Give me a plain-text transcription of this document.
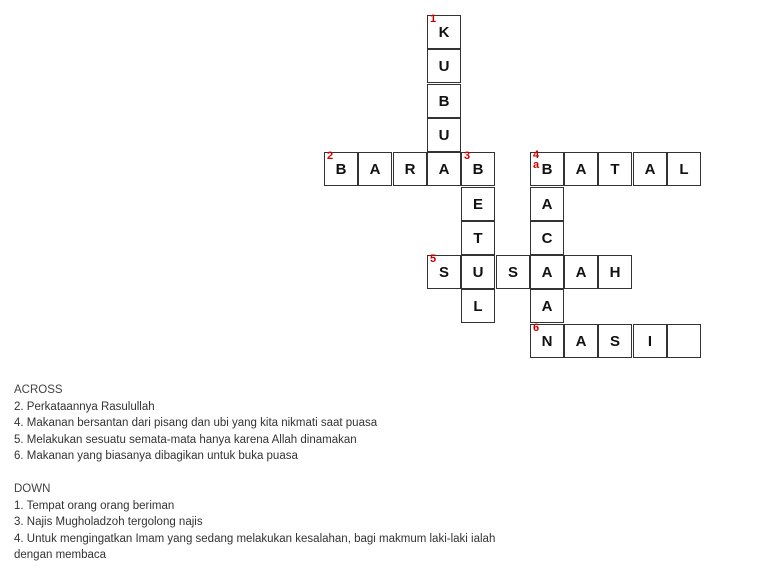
K
1
U
B
U
B
2
A	R	A	B
3
E
T
U
L
B
4a	A	T	A	L
A
C
A
A
N
6
S
5
S	A	H
A	S	I
ACROSS
2. Perkataannya Rasulullah
4. Makanan bersantan dari pisang dan ubi yang kita nikmati saat puasa
5. Melakukan sesuatu semata-mata hanya karena Allah dinamakan
6. Makanan yang biasanya dibagikan untuk buka puasa
DOWN
1. Tempat orang orang beriman
3. Najis Mugholadzoh tergolong najis
4. Untuk mengingatkan Imam yang sedang melakukan kesalahan, bagi makmum laki-laki ialah dengan membaca
